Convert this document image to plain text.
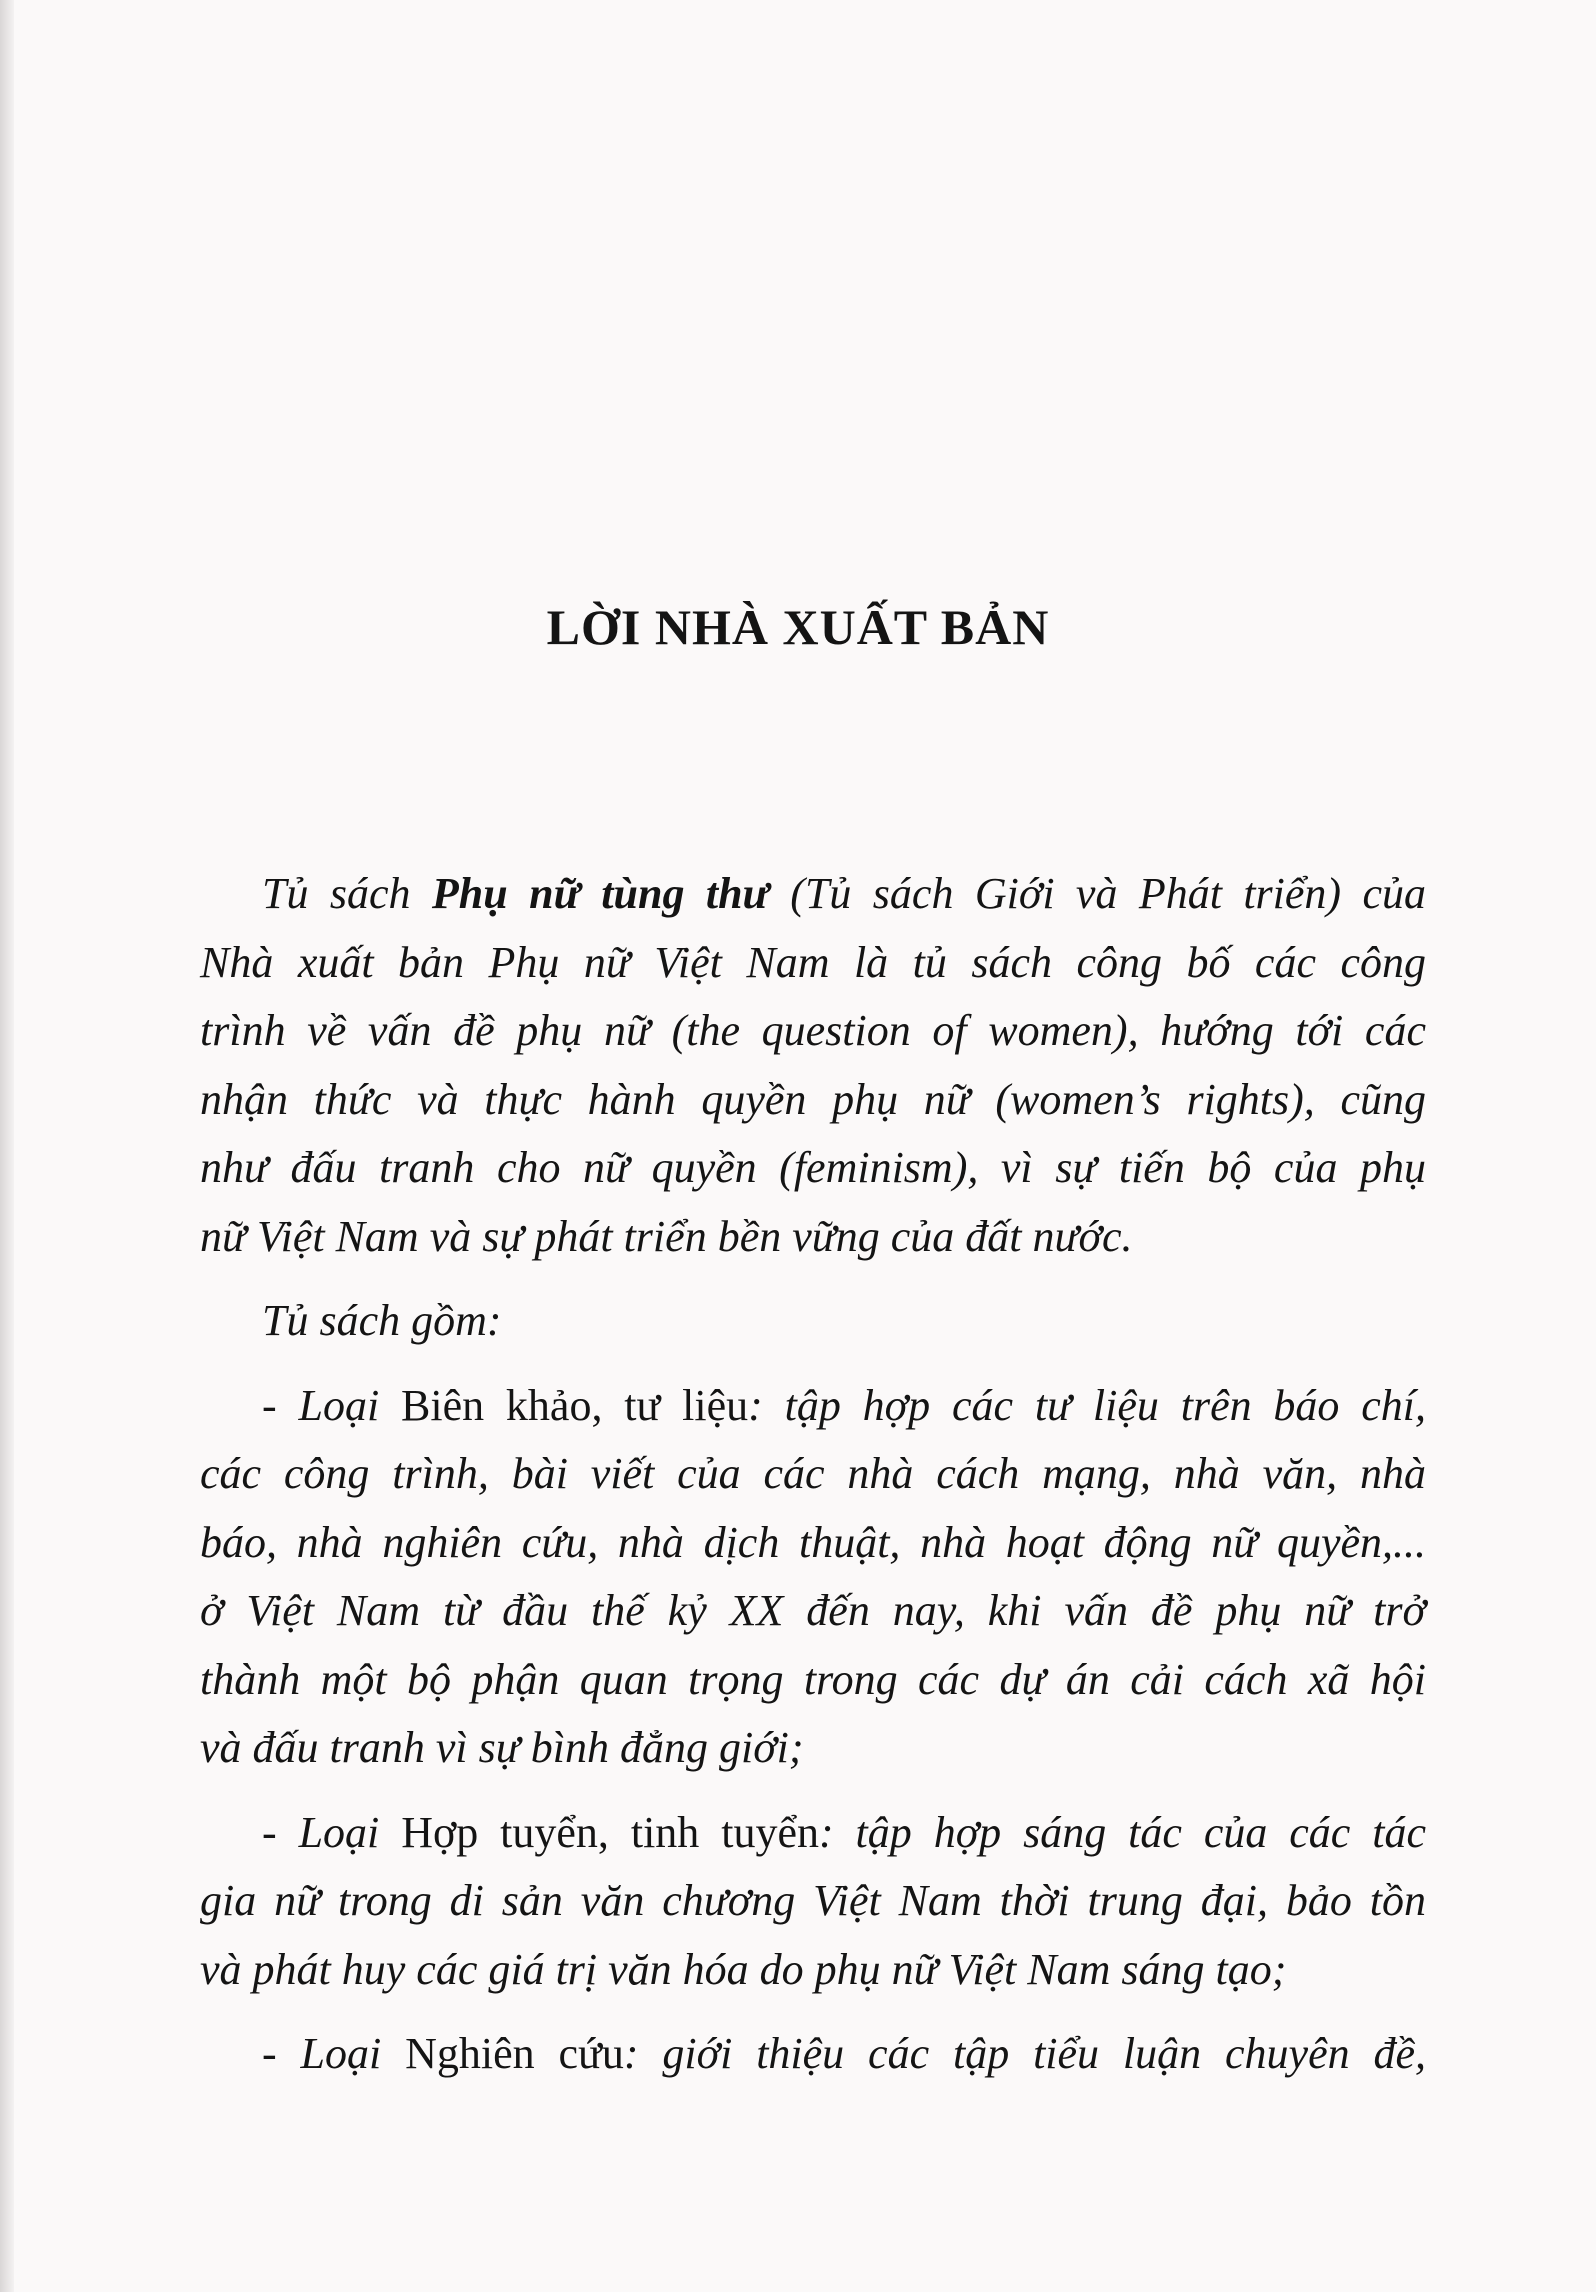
LỜI NHÀ XUẤT BẢN
Tủ sách Phụ nữ tùng thư (Tủ sách Giới và Phát triển) của
Nhà xuất bản Phụ nữ Việt Nam là tủ sách công bố các công
trình về vấn đề phụ nữ (the question of women), hướng tới các
nhận thức và thực hành quyền phụ nữ (women’s rights), cũng
như đấu tranh cho nữ quyền (feminism), vì sự tiến bộ của phụ
nữ Việt Nam và sự phát triển bền vững của đất nước.
Tủ sách gồm:
- Loại Biên khảo, tư liệu: tập hợp các tư liệu trên báo chí,
các công trình, bài viết của các nhà cách mạng, nhà văn, nhà
báo, nhà nghiên cứu, nhà dịch thuật, nhà hoạt động nữ quyền,...
ở Việt Nam từ đầu thế kỷ XX đến nay, khi vấn đề phụ nữ trở
thành một bộ phận quan trọng trong các dự án cải cách xã hội
và đấu tranh vì sự bình đẳng giới;
- Loại Hợp tuyển, tinh tuyển: tập hợp sáng tác của các tác
gia nữ trong di sản văn chương Việt Nam thời trung đại, bảo tồn
và phát huy các giá trị văn hóa do phụ nữ Việt Nam sáng tạo;
- Loại Nghiên cứu: giới thiệu các tập tiểu luận chuyên đề,
